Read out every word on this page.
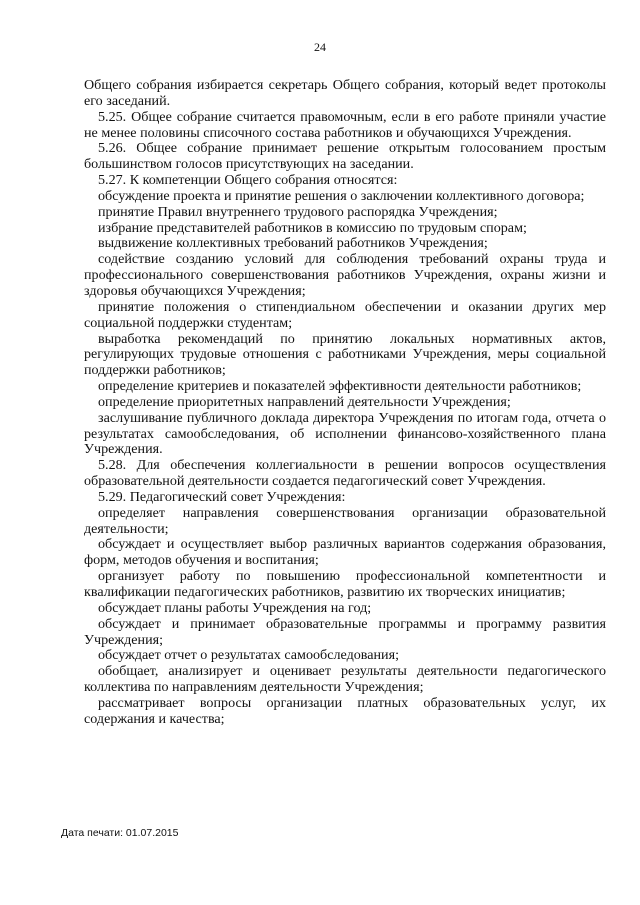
24

Общего собрания избирается секретарь Общего собрания, который ведет протоколы его заседаний.

5.25. Общее собрание считается правомочным, если в его работе приняли участие не менее половины списочного состава работников и обучающихся Учреждения.

5.26. Общее собрание принимает решение открытым голосованием простым большинством голосов присутствующих на заседании.

5.27. К компетенции Общего собрания относятся:

обсуждение проекта и принятие решения о заключении коллективного договора;

принятие Правил внутреннего трудового распорядка Учреждения;

избрание представителей работников в комиссию по трудовым спорам;

выдвижение коллективных требований работников Учреждения;

содействие созданию условий для соблюдения требований охраны труда и профессионального совершенствования работников Учреждения, охраны жизни и здоровья обучающихся Учреждения;

принятие положения о стипендиальном обеспечении и оказании других мер социальной поддержки студентам;

выработка рекомендаций по принятию локальных нормативных актов, регулирующих трудовые отношения с работниками Учреждения, меры социальной поддержки работников;

определение критериев и показателей эффективности деятельности работников;

определение приоритетных направлений деятельности Учреждения;

заслушивание публичного доклада директора Учреждения по итогам года, отчета о результатах самообследования, об исполнении финансово-хозяйственного плана Учреждения.

5.28. Для обеспечения коллегиальности в решении вопросов осуществления образовательной деятельности создается педагогический совет Учреждения.

5.29. Педагогический совет Учреждения:

определяет направления совершенствования организации образовательной деятельности;

обсуждает и осуществляет выбор различных вариантов содержания образования, форм, методов обучения и воспитания;

организует работу по повышению профессиональной компетентности и квалификации педагогических работников, развитию их творческих инициатив;

обсуждает планы работы Учреждения на год;

обсуждает и принимает образовательные программы и программу развития Учреждения;

обсуждает отчет о результатах самообследования;

обобщает, анализирует и оценивает результаты деятельности педагогического коллектива по направлениям деятельности Учреждения;

рассматривает вопросы организации платных образовательных услуг, их содержания и качества;

Дата печати: 01.07.2015
